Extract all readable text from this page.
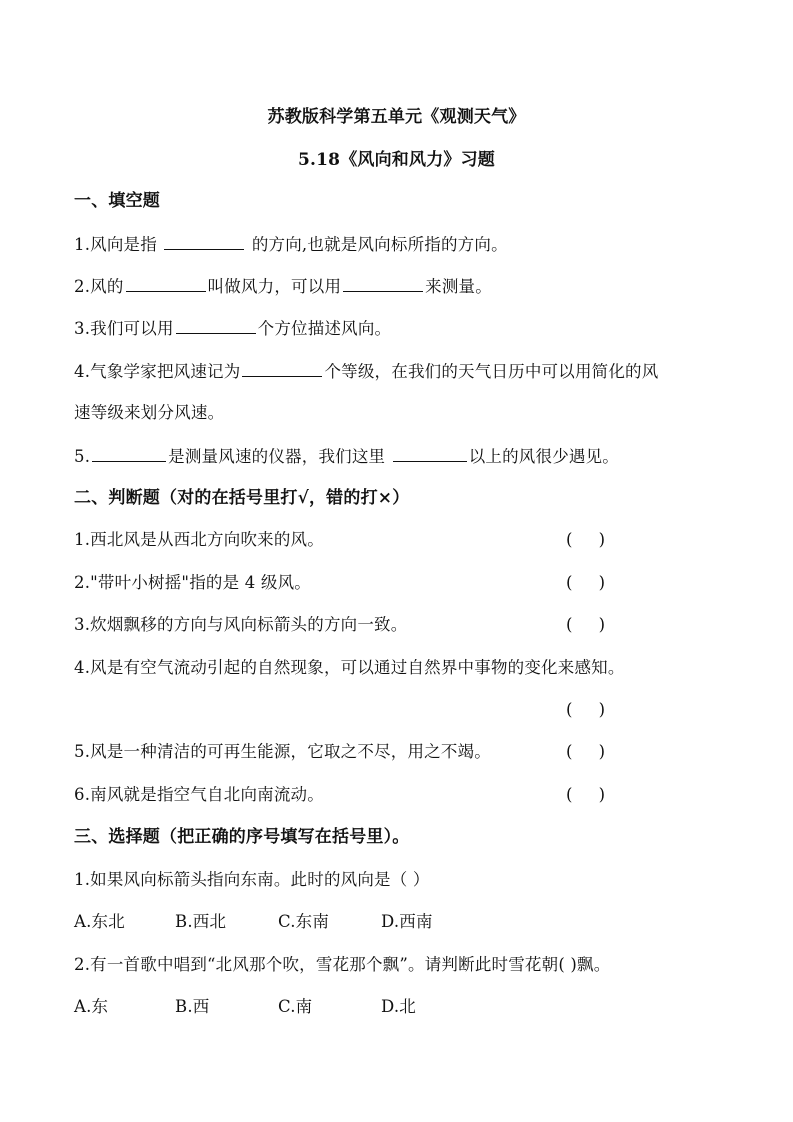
苏教版科学第五单元《观测天气》
5.18《风向和风力》习题
一、填空题
1.风向是指	的方向,也就是风向标所指的方向。
2.风的	叫做风力，可以用	来测量。
3.我们可以用	个方位描述风向。
4.气象学家把风速记为	个等级，在我们的天气日历中可以用简化的风
速等级来划分风速。
5.	是测量风速的仪器，我们这里	以上的风很少遇见。
二、判断题（对的在括号里打√，错的打×）
1.西北风是从西北方向吹来的风。	(     )
2."带叶小树摇"指的是 4 级风。	(     )
3.炊烟飘移的方向与风向标箭头的方向一致。	(     )
4.风是有空气流动引起的自然现象，可以通过自然界中事物的变化来感知。
(     )
5.风是一种清洁的可再生能源，它取之不尽，用之不竭。	(     )
6.南风就是指空气自北向南流动。	(     )
三、选择题（把正确的序号填写在括号里）。
1.如果风向标箭头指向东南。此时的风向是（ ）
A.东北	B.西北	C.东南	D.西南
2.有一首歌中唱到“北风那个吹，雪花那个飘”。请判断此时雪花朝( )飘。
A.东	B.西	C.南	D.北
